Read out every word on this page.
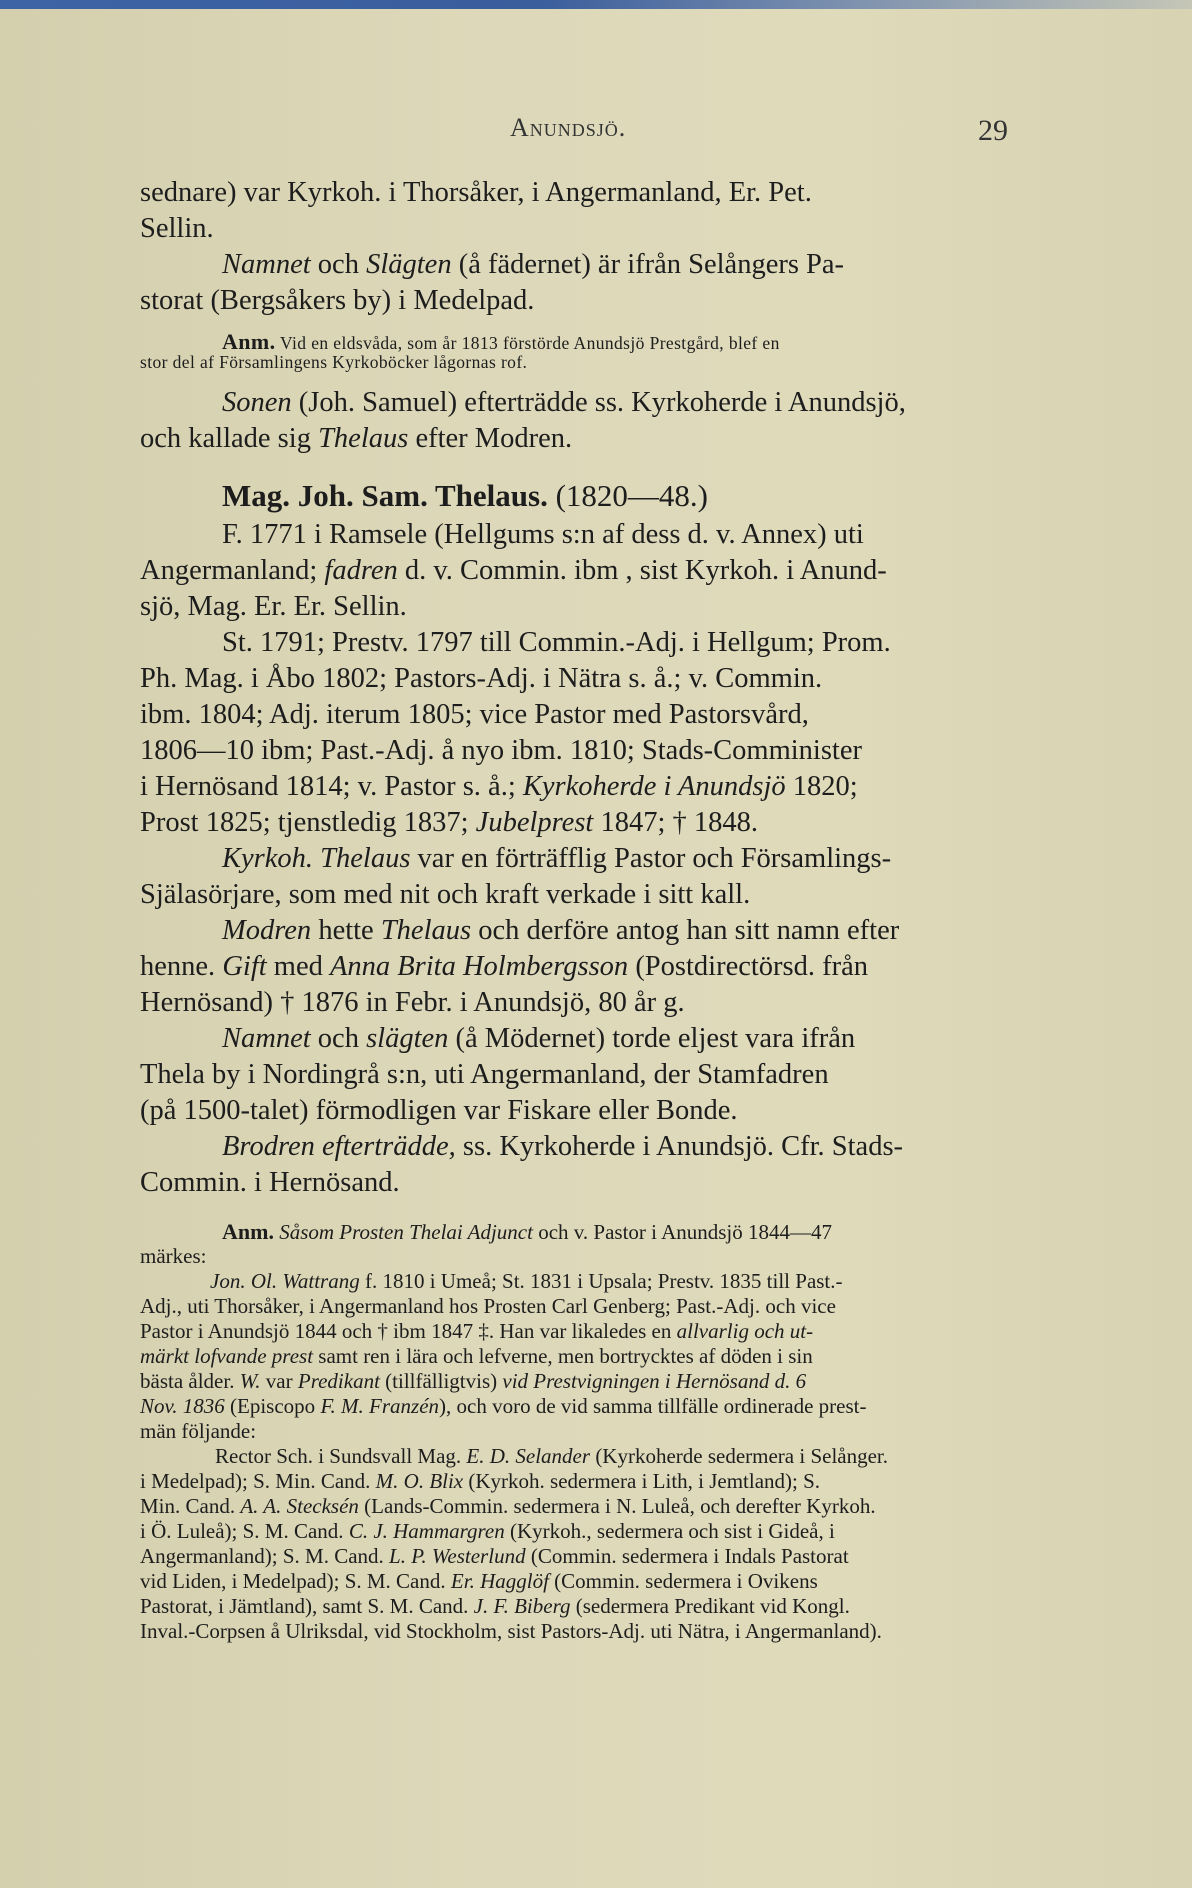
Anundsjö.	29
sednare) var Kyrkoh. i Thorsåker, i Angermanland, Er. Pet.
Sellin.
Namnet och Slägten (å fädernet) är ifrån Selångers Pa-
storat (Bergsåkers by) i Medelpad.
Anm. Vid en eldsvåda, som år 1813 förstörde Anundsjö Prestgård, blef en
stor del af Församlingens Kyrkoböcker lågornas rof.
Sonen (Joh. Samuel) efterträdde ss. Kyrkoherde i Anundsjö,
och kallade sig Thelaus efter Modren.
Mag. Joh. Sam. Thelaus. (1820—48.)
F. 1771 i Ramsele (Hellgums s:n af dess d. v. Annex) uti
Angermanland; fadren d. v. Commin. ibm , sist Kyrkoh. i Anund-
sjö, Mag. Er. Er. Sellin.
St. 1791; Prestv. 1797 till Commin.-Adj. i Hellgum; Prom.
Ph. Mag. i Åbo 1802; Pastors-Adj. i Nätra s. å.; v. Commin.
ibm. 1804; Adj. iterum 1805; vice Pastor med Pastorsvård,
1806—10 ibm; Past.-Adj. å nyo ibm. 1810; Stads-Comminister
i Hernösand 1814; v. Pastor s. å.; Kyrkoherde i Anundsjö 1820;
Prost 1825; tjenstledig 1837; Jubelprest 1847; † 1848.
Kyrkoh. Thelaus var en förträfflig Pastor och Församlings-
Själasörjare, som med nit och kraft verkade i sitt kall.
Modren hette Thelaus och derföre antog han sitt namn efter
henne. Gift med Anna Brita Holmbergsson (Postdirectörsd. från
Hernösand) † 1876 in Febr. i Anundsjö, 80 år g.
Namnet och slägten (å Mödernet) torde eljest vara ifrån
Thela by i Nordingrå s:n, uti Angermanland, der Stamfadren
(på 1500-talet) förmodligen var Fiskare eller Bonde.
Brodren efterträdde, ss. Kyrkoherde i Anundsjö. Cfr. Stads-
Commin. i Hernösand.
Anm. Såsom Prosten Thelai Adjunct och v. Pastor i Anundsjö 1844—47
märkes:
Jon. Ol. Wattrang f. 1810 i Umeå; St. 1831 i Upsala; Prestv. 1835 till Past.-
Adj., uti Thorsåker, i Angermanland hos Prosten Carl Genberg; Past.-Adj. och vice
Pastor i Anundsjö 1844 och † ibm 1847 ‡. Han var likaledes en allvarlig och ut-
märkt lofvande prest samt ren i lära och lefverne, men bortrycktes af döden i sin
bästa ålder. W. var Predikant (tillfälligtvis) vid Prestvigningen i Hernösand d. 6
Nov. 1836 (Episcopo F. M. Franzén), och voro de vid samma tillfälle ordinerade prest-
män följande:
Rector Sch. i Sundsvall Mag. E. D. Selander (Kyrkoherde sedermera i Selånger.
i Medelpad); S. Min. Cand. M. O. Blix (Kyrkoh. sedermera i Lith, i Jemtland); S.
Min. Cand. A. A. Stecksén (Lands-Commin. sedermera i N. Luleå, och derefter Kyrkoh.
i Ö. Luleå); S. M. Cand. C. J. Hammargren (Kyrkoh., sedermera och sist i Gideå, i
Angermanland); S. M. Cand. L. P. Westerlund (Commin. sedermera i Indals Pastorat
vid Liden, i Medelpad); S. M. Cand. Er. Hagglöf (Commin. sedermera i Ovikens
Pastorat, i Jämtland), samt S. M. Cand. J. F. Biberg (sedermera Predikant vid Kongl.
Inval.-Corpsen å Ulriksdal, vid Stockholm, sist Pastors-Adj. uti Nätra, i Angermanland).
